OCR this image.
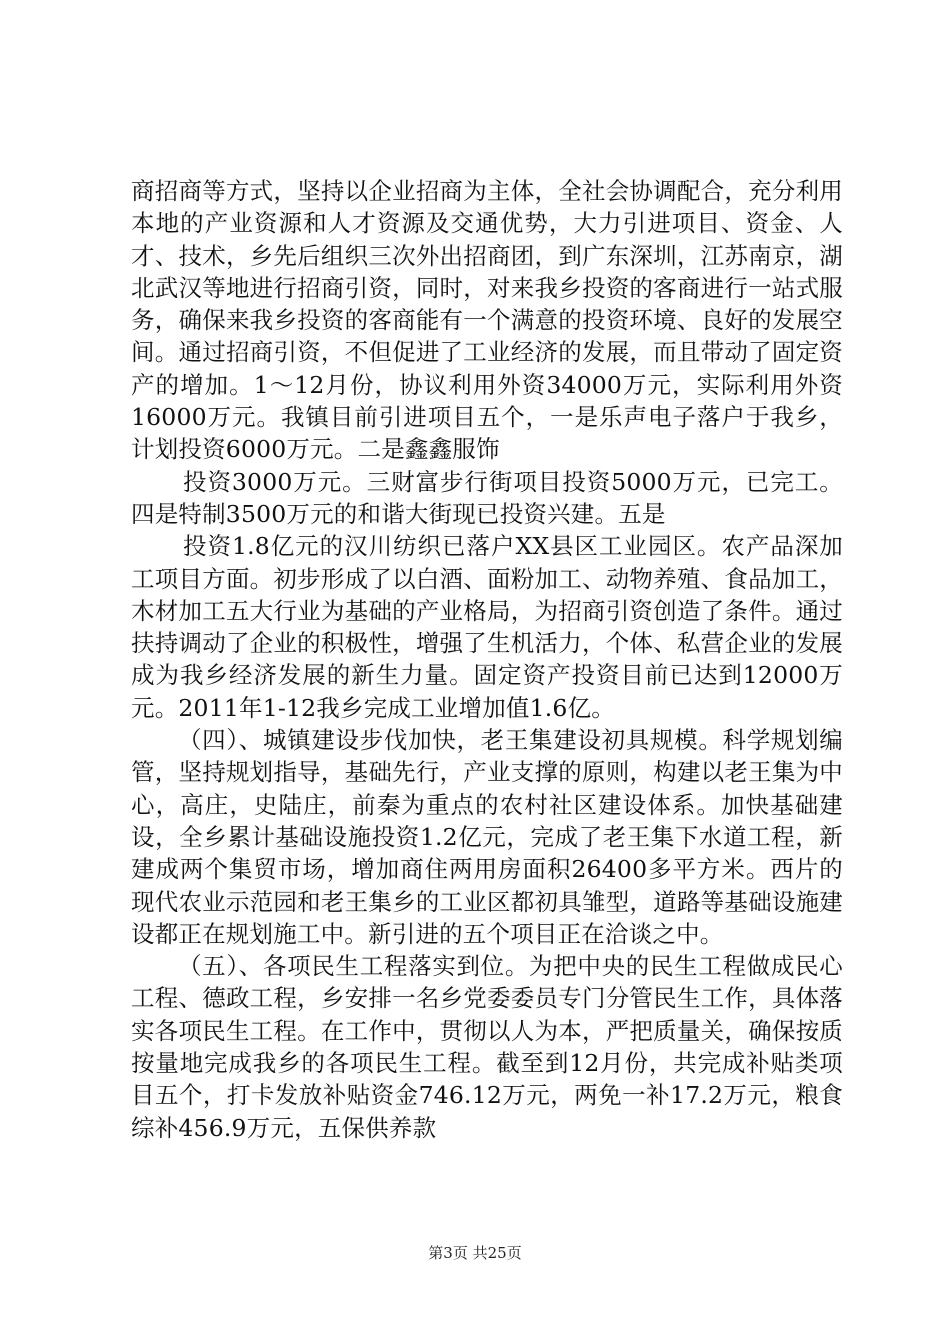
商招商等方式，坚持以企业招商为主体，全社会协调配合，充分利用本地的产业资源和人才资源及交通优势，大力引进项目、资金、人才、技术，乡先后组织三次外出招商团，到广东深圳，江苏南京，湖北武汉等地进行招商引资，同时，对来我乡投资的客商进行一站式服务，确保来我乡投资的客商能有一个满意的投资环境、良好的发展空间。通过招商引资，不但促进了工业经济的发展，而且带动了固定资产的增加。1～12月份，协议利用外资34000万元，实际利用外资16000万元。我镇目前引进项目五个，一是乐声电子落户于我乡，计划投资6000万元。二是鑫鑫服饰

投资3000万元。三财富步行街项目投资5000万元，已完工。四是特制3500万元的和谐大街现已投资兴建。五是

投资1.8亿元的汉川纺织已落户XX县区工业园区。农产品深加工项目方面。初步形成了以白酒、面粉加工、动物养殖、食品加工，木材加工五大行业为基础的产业格局，为招商引资创造了条件。通过扶持调动了企业的积极性，增强了生机活力，个体、私营企业的发展成为我乡经济发展的新生力量。固定资产投资目前已达到12000万元。2011年1-12我乡完成工业增加值1.6亿。

（四）、城镇建设步伐加快，老王集建设初具规模。科学规划编管，坚持规划指导，基础先行，产业支撑的原则，构建以老王集为中心，高庄，史陆庄，前秦为重点的农村社区建设体系。加快基础建设，全乡累计基础设施投资1.2亿元，完成了老王集下水道工程，新建成两个集贸市场，增加商住两用房面积26400多平方米。西片的现代农业示范园和老王集乡的工业区都初具雏型，道路等基础设施建设都正在规划施工中。新引进的五个项目正在洽谈之中。

（五）、各项民生工程落实到位。为把中央的民生工程做成民心工程、德政工程，乡安排一名乡党委委员专门分管民生工作，具体落实各项民生工程。在工作中，贯彻以人为本，严把质量关，确保按质按量地完成我乡的各项民生工程。截至到12月份，共完成补贴类项目五个，打卡发放补贴资金746.12万元，两免一补17.2万元，粮食综补456.9万元，五保供养款

第3页 共25页
